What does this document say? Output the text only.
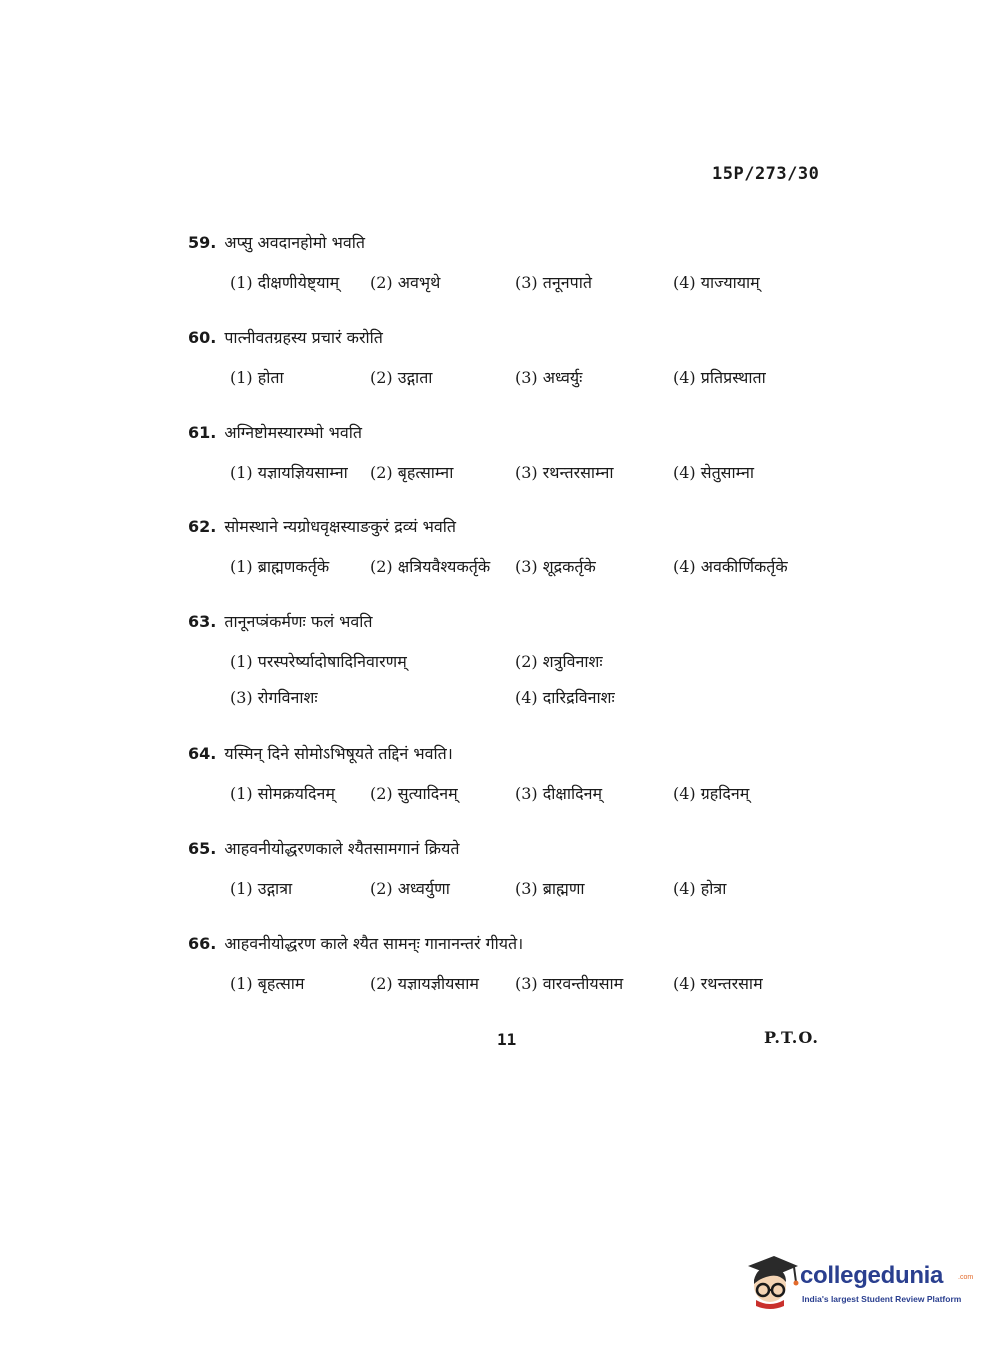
15P/273/30
59. अप्सु अवदानहोमो भवति
(1) दीक्षणीयेष्ट्याम् (2) अवभृथे	(3) तनूनपाते	(4) याज्यायाम्
60. पात्नीवतग्रहस्य प्रचारं करोति
(1) होता	(2) उद्गाता	(3) अध्वर्युः	(4) प्रतिप्रस्थाता
61. अग्निष्टोमस्यारम्भो भवति
(1) यज्ञायज्ञियसाम्ना (2) बृहत्साम्ना	(3) रथन्तरसाम्ना	(4) सेतुसाम्ना
62. सोमस्थाने न्यग्रोधवृक्षस्याङकुरं द्रव्यं भवति
(1) ब्राह्मणकर्तृके	(2) क्षत्रियवैश्यकर्तृके (3) शूद्रकर्तृके	(4) अवकीर्णिकर्तृके
63. तानूनप्त्रंकर्मणः फलं भवति
(1) परस्परेर्ष्यादोषादिनिवारणम्	(2) शत्रुविनाशः
(3) रोगविनाशः	(4) दारिद्रविनाशः
64. यस्मिन् दिने सोमोऽभिषूयते तद्दिनं भवति।
(1) सोमक्रयदिनम् (2) सुत्यादिनम्	(3) दीक्षादिनम्	(4) ग्रहदिनम्
65. आहवनीयोद्धरणकाले श्यैतसामगानं क्रियते
(1) उद्गात्रा	(2) अध्वर्युणा	(3) ब्राह्मणा	(4) होत्रा
66. आहवनीयोद्धरण काले श्यैत सामन्ः गानानन्तरं गीयते।
(1) बृहत्साम	(2) यज्ञायज्ञीयसाम (3) वारवन्तीयसाम	(4) रथन्तरसाम
11	P.T.O.
collegedunia .com
India's largest Student Review Platform
